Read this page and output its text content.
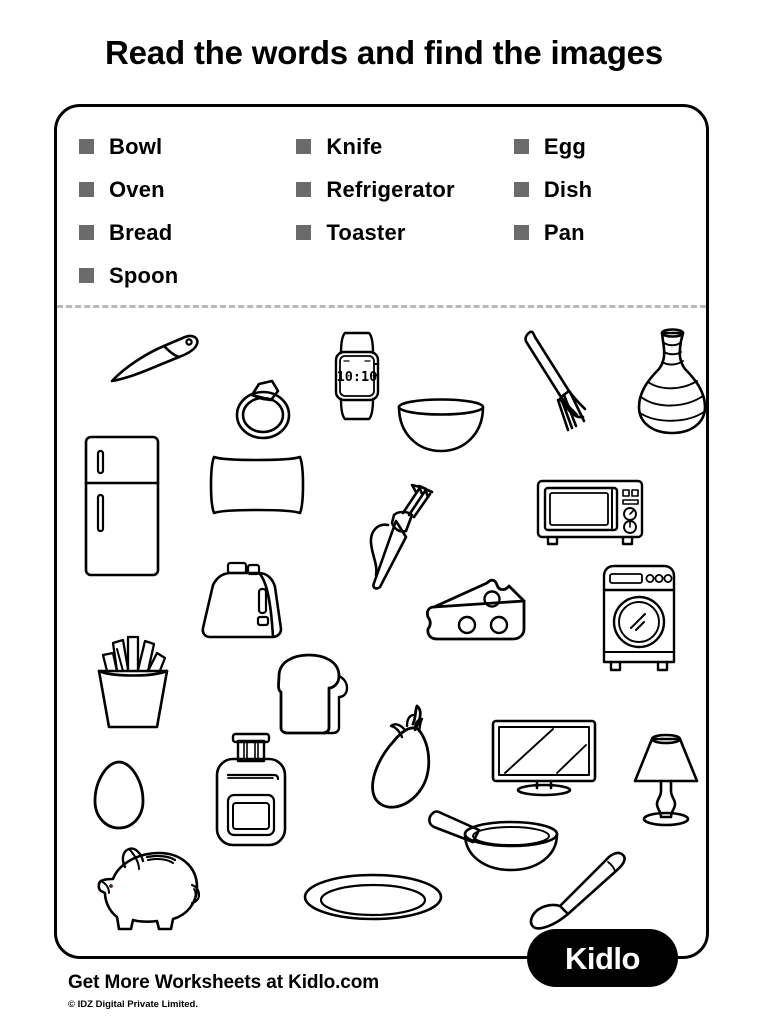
Read the words and find the images
Bowl
Oven
Bread
Spoon
Knife
Refrigerator
Toaster
Egg
Dish
Pan
10:10
Kidlo
Get More Worksheets at Kidlo.com
© IDZ Digital Private Limited.
